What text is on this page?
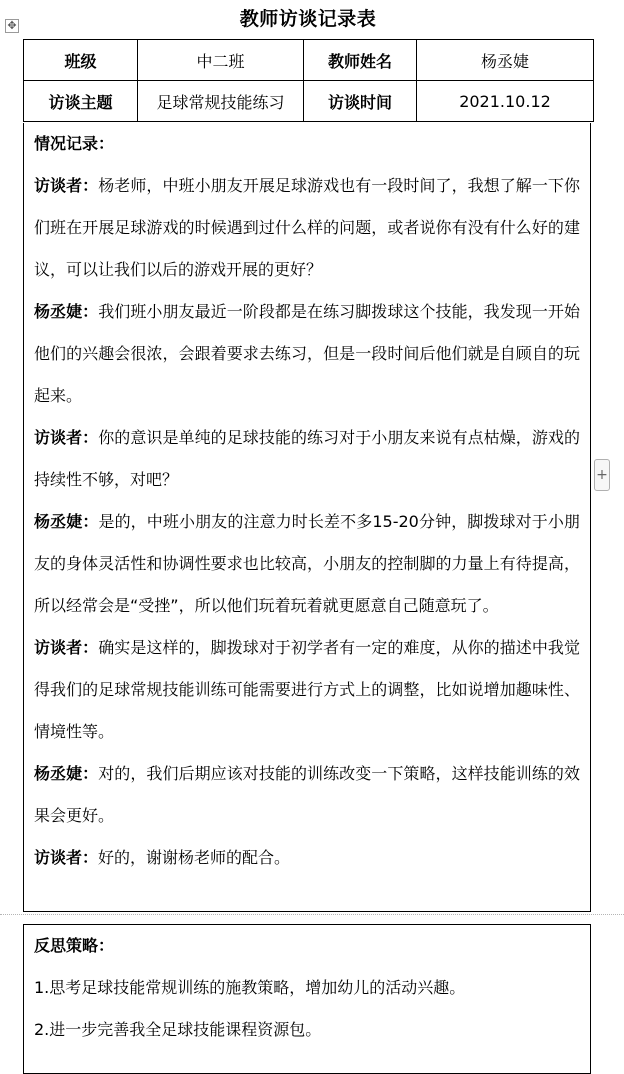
✥	教师访谈记录表
班级	中二班	教师姓名	杨丞婕
访谈主题	足球常规技能练习	访谈时间	2021.10.12

情况记录：

访谈者：杨老师，中班小朋友开展足球游戏也有一段时间了，我想了解一下你们班在开展足球游戏的时候遇到过什么样的问题，或者说你有没有什么好的建议，可以让我们以后的游戏开展的更好？

杨丞婕：我们班小朋友最近一阶段都是在练习脚拨球这个技能，我发现一开始他们的兴趣会很浓，会跟着要求去练习，但是一段时间后他们就是自顾自的玩起来。

访谈者：你的意识是单纯的足球技能的练习对于小朋友来说有点枯燥，游戏的持续性不够，对吧？

杨丞婕：是的，中班小朋友的注意力时长差不多15-20分钟，脚拨球对于小朋友的身体灵活性和协调性要求也比较高，小朋友的控制脚的力量上有待提高，所以经常会是“受挫”，所以他们玩着玩着就更愿意自己随意玩了。

访谈者：确实是这样的，脚拨球对于初学者有一定的难度，从你的描述中我觉得我们的足球常规技能训练可能需要进行方式上的调整，比如说增加趣味性、情境性等。

杨丞婕：对的，我们后期应该对技能的训练改变一下策略，这样技能训练的效果会更好。

访谈者：好的，谢谢杨老师的配合。

反思策略：

1.思考足球技能常规训练的施教策略，增加幼儿的活动兴趣。

2.进一步完善我全足球技能课程资源包。

+
